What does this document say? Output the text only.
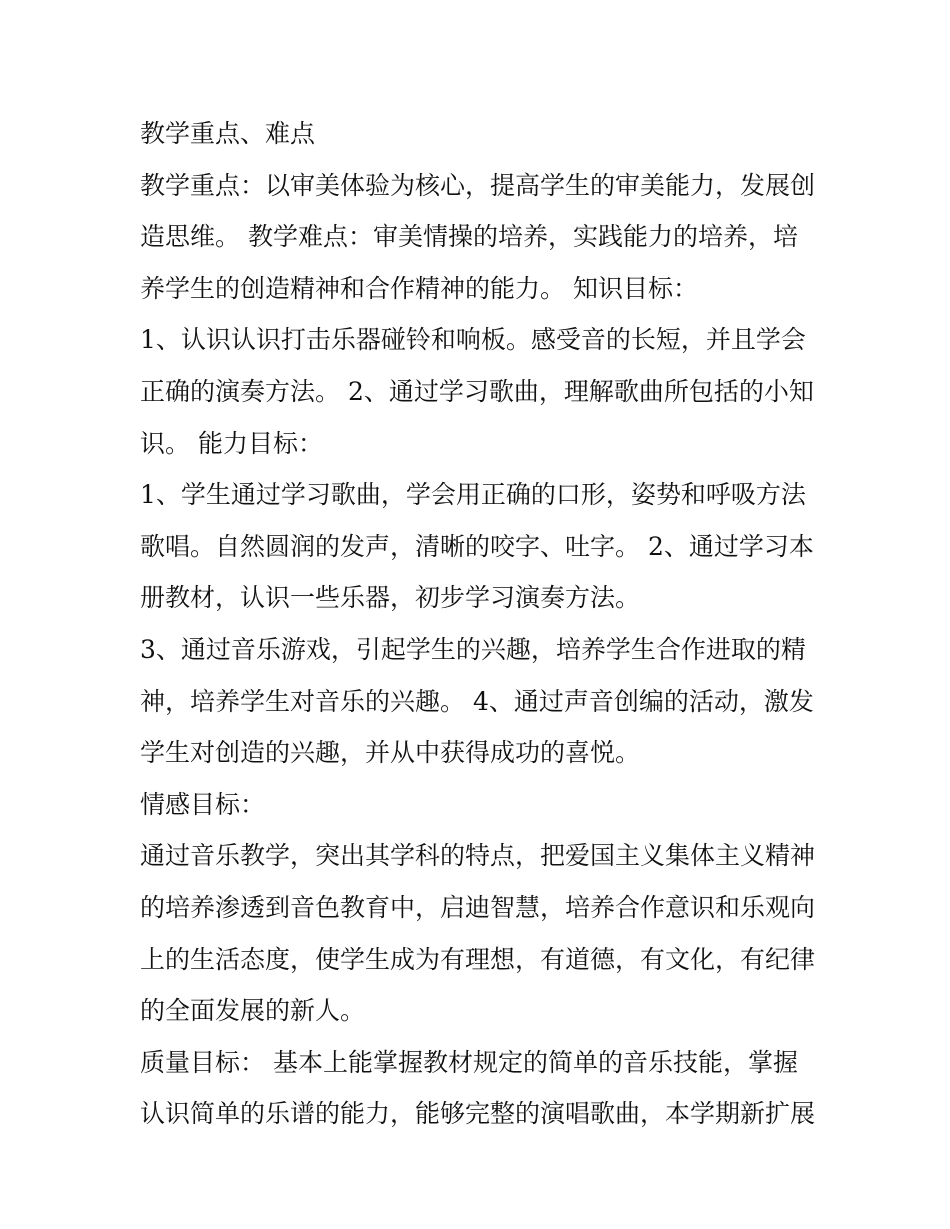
教学重点、难点
教学重点：以审美体验为核心，提高学生的审美能力，发展创
造思维。 教学难点：审美情操的培养，实践能力的培养，培
养学生的创造精神和合作精神的能力。 知识目标：
1、认识认识打击乐器碰铃和响板。感受音的长短，并且学会
正确的演奏方法。 2、通过学习歌曲，理解歌曲所包括的小知
识。 能力目标：
1、学生通过学习歌曲，学会用正确的口形，姿势和呼吸方法
歌唱。自然圆润的发声，清晰的咬字、吐字。 2、通过学习本
册教材，认识一些乐器，初步学习演奏方法。
3、通过音乐游戏，引起学生的兴趣，培养学生合作进取的精
神，培养学生对音乐的兴趣。 4、通过声音创编的活动，激发
学生对创造的兴趣，并从中获得成功的喜悦。
情感目标：
通过音乐教学，突出其学科的特点，把爱国主义集体主义精神
的培养渗透到音色教育中，启迪智慧，培养合作意识和乐观向
上的生活态度，使学生成为有理想，有道德，有文化，有纪律
的全面发展的新人。
质量目标： 基本上能掌握教材规定的简单的音乐技能，掌握
认识简单的乐谱的能力，能够完整的演唱歌曲，本学期新扩展
